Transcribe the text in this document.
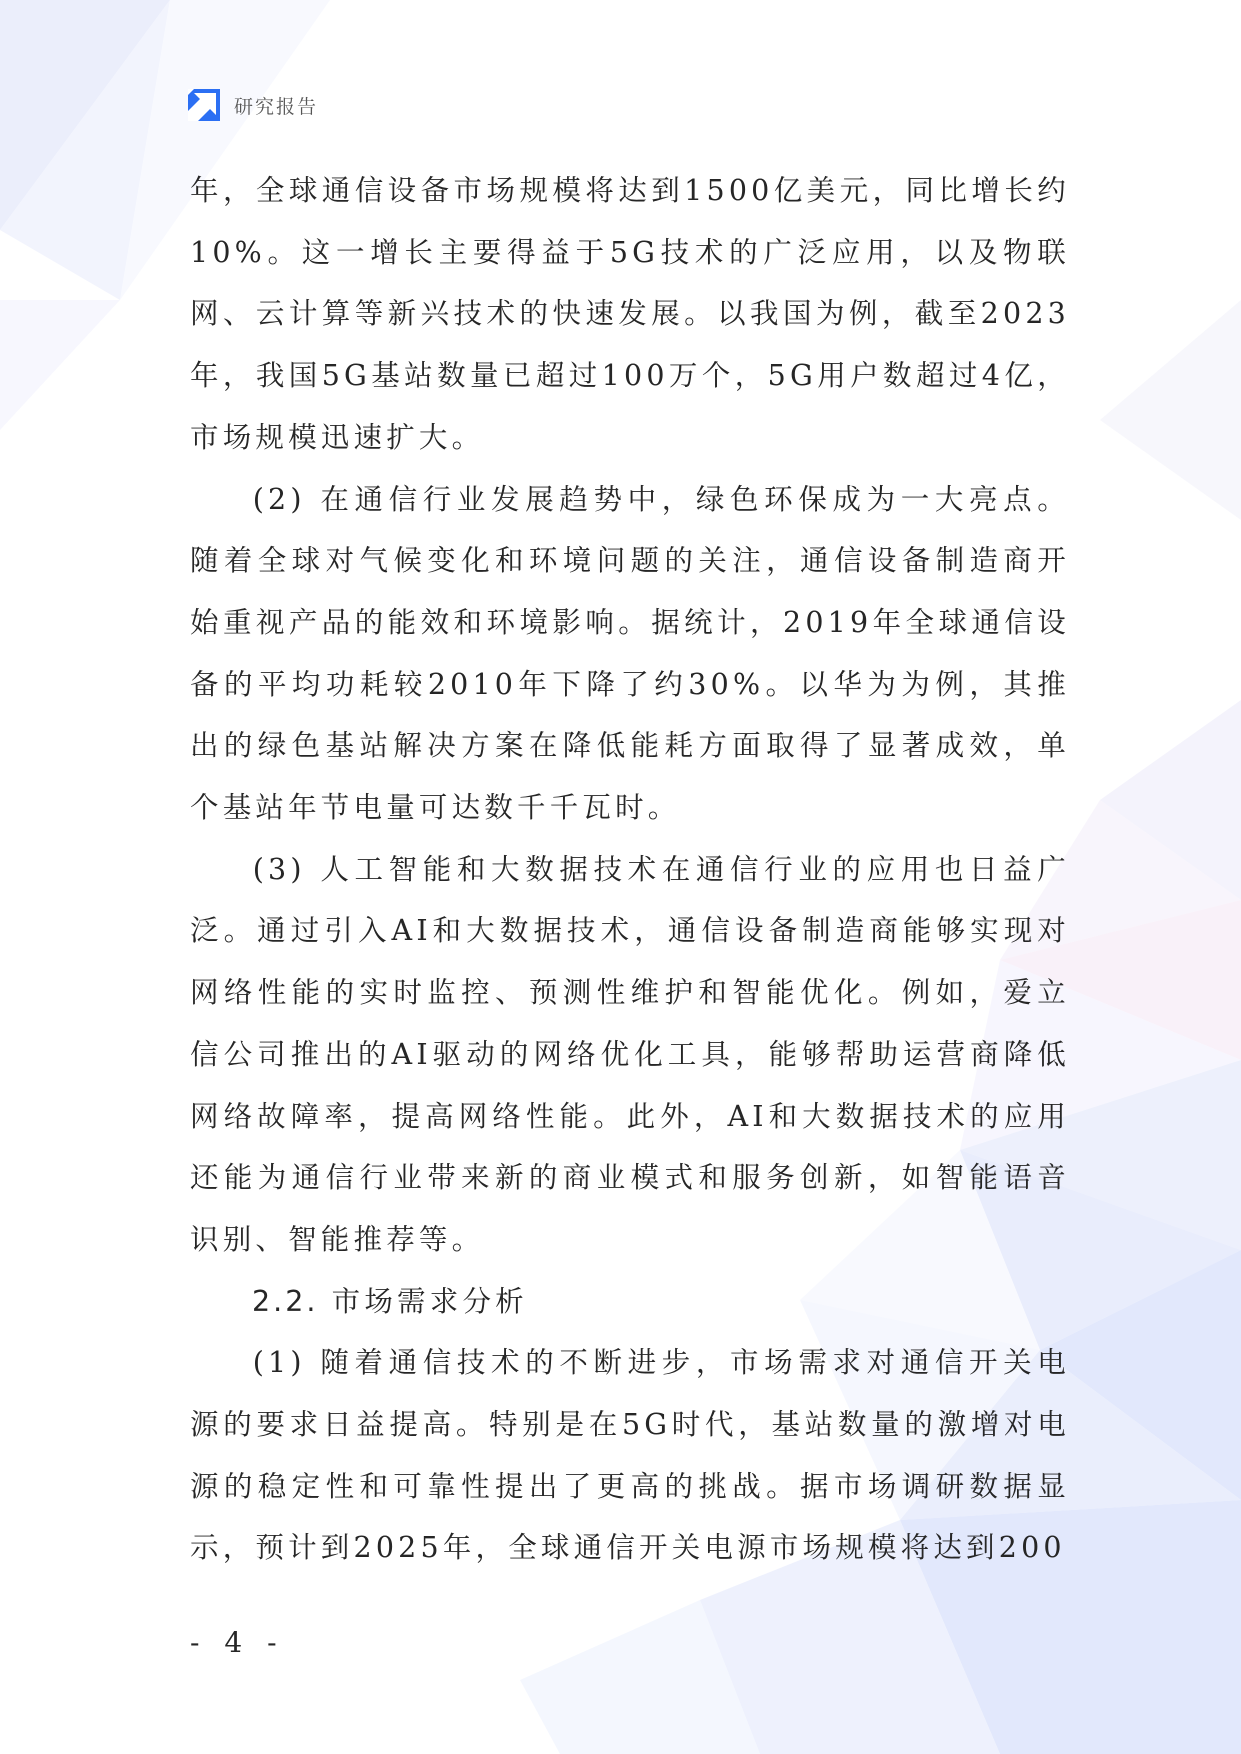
研究报告

年，全球通信设备市场规模将达到1500亿美元，同比增长约10%。这一增长主要得益于5G技术的广泛应用，以及物联网、云计算等新兴技术的快速发展。以我国为例，截至2023年，我国5G基站数量已超过100万个，5G用户数超过4亿，市场规模迅速扩大。

(2) 在通信行业发展趋势中，绿色环保成为一大亮点。随着全球对气候变化和环境问题的关注，通信设备制造商开始重视产品的能效和环境影响。据统计，2019年全球通信设备的平均功耗较2010年下降了约30%。以华为为例，其推出的绿色基站解决方案在降低能耗方面取得了显著成效，单个基站年节电量可达数千千瓦时。

(3) 人工智能和大数据技术在通信行业的应用也日益广泛。通过引入AI和大数据技术，通信设备制造商能够实现对网络性能的实时监控、预测性维护和智能优化。例如，爱立信公司推出的AI驱动的网络优化工具，能够帮助运营商降低网络故障率，提高网络性能。此外，AI和大数据技术的应用还能为通信行业带来新的商业模式和服务创新，如智能语音识别、智能推荐等。

2.2. 市场需求分析

(1) 随着通信技术的不断进步，市场需求对通信开关电源的要求日益提高。特别是在5G时代，基站数量的激增对电源的稳定性和可靠性提出了更高的挑战。据市场调研数据显示，预计到2025年，全球通信开关电源市场规模将达到200

- 4 -
